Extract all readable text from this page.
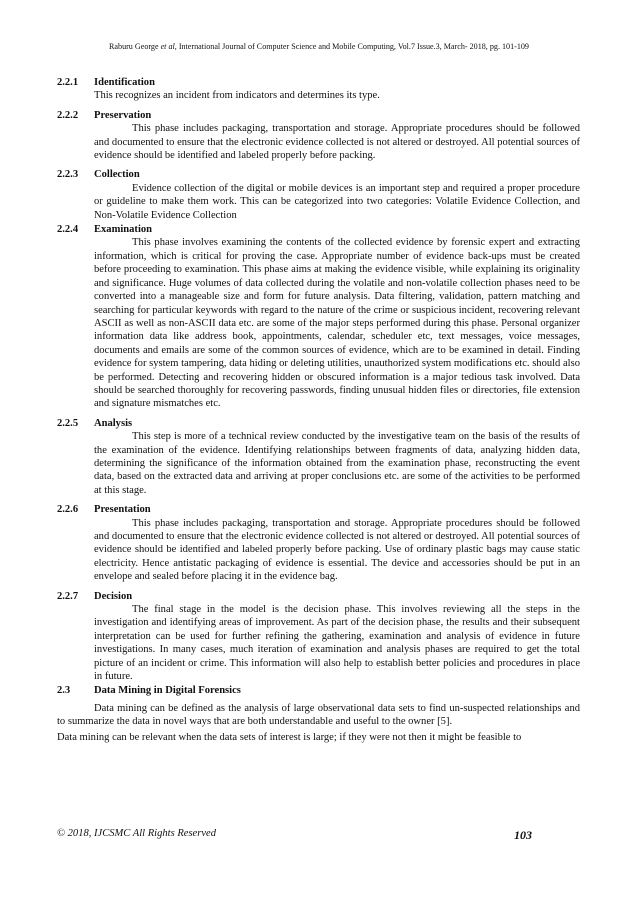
Raburu George et al, International Journal of Computer Science and Mobile Computing, Vol.7 Issue.3, March- 2018, pg. 101-109
2.2.1	Identification

This recognizes an incident from indicators and determines its type.

2.2.2	Preservation

This phase includes packaging, transportation and storage. Appropriate procedures should be followed and documented to ensure that the electronic evidence collected is not altered or destroyed. All potential sources of evidence should be identified and labeled properly before packing.

2.2.3	Collection

Evidence collection of the digital or mobile devices is an important step and required a proper procedure or guideline to make them work. This can be categorized into two categories: Volatile Evidence Collection, and Non-Volatile Evidence Collection

2.2.4	Examination

This phase involves examining the contents of the collected evidence by forensic expert and extracting information, which is critical for proving the case. Appropriate number of evidence back-ups must be created before proceeding to examination. This phase aims at making the evidence visible, while explaining its originality and significance. Huge volumes of data collected during the volatile and non-volatile collection phases need to be converted into a manageable size and form for future analysis. Data filtering, validation, pattern matching and searching for particular keywords with regard to the nature of the crime or suspicious incident, recovering relevant ASCII as well as non-ASCII data etc. are some of the major steps performed during this phase. Personal organizer information data like address book, appointments, calendar, scheduler etc, text messages, voice messages, documents and emails are some of the common sources of evidence, which are to be examined in detail. Finding evidence for system tampering, data hiding or deleting utilities, unauthorized system modifications etc. should also be performed. Detecting and recovering hidden or obscured information is a major tedious task involved. Data should be searched thoroughly for recovering passwords, finding unusual hidden files or directories, file extension and signature mismatches etc.

2.2.5	Analysis

This step is more of a technical review conducted by the investigative team on the basis of the results of the examination of the evidence. Identifying relationships between fragments of data, analyzing hidden data, determining the significance of the information obtained from the examination phase, reconstructing the event data, based on the extracted data and arriving at proper conclusions etc. are some of the activities to be performed at this stage.

2.2.6	Presentation

This phase includes packaging, transportation and storage. Appropriate procedures should be followed and documented to ensure that the electronic evidence collected is not altered or destroyed. All potential sources of evidence should be identified and labeled properly before packing. Use of ordinary plastic bags may cause static electricity. Hence antistatic packaging of evidence is essential. The device and accessories should be put in an envelope and sealed before placing it in the evidence bag.

2.2.7	Decision

The final stage in the model is the decision phase. This involves reviewing all the steps in the investigation and identifying areas of improvement. As part of the decision phase, the results and their subsequent interpretation can be used for further refining the gathering, examination and analysis of evidence in future investigations. In many cases, much iteration of examination and analysis phases are required to get the total picture of an incident or crime. This information will also help to establish better policies and procedures in place in future.

2.3	Data Mining in Digital Forensics

Data mining can be defined as the analysis of large observational data sets to find un-suspected relationships and to summarize the data in novel ways that are both understandable and useful to the owner [5].

Data mining can be relevant when the data sets of interest is large; if they were not then it might be feasible to

© 2018, IJCSMC All Rights Reserved	103
